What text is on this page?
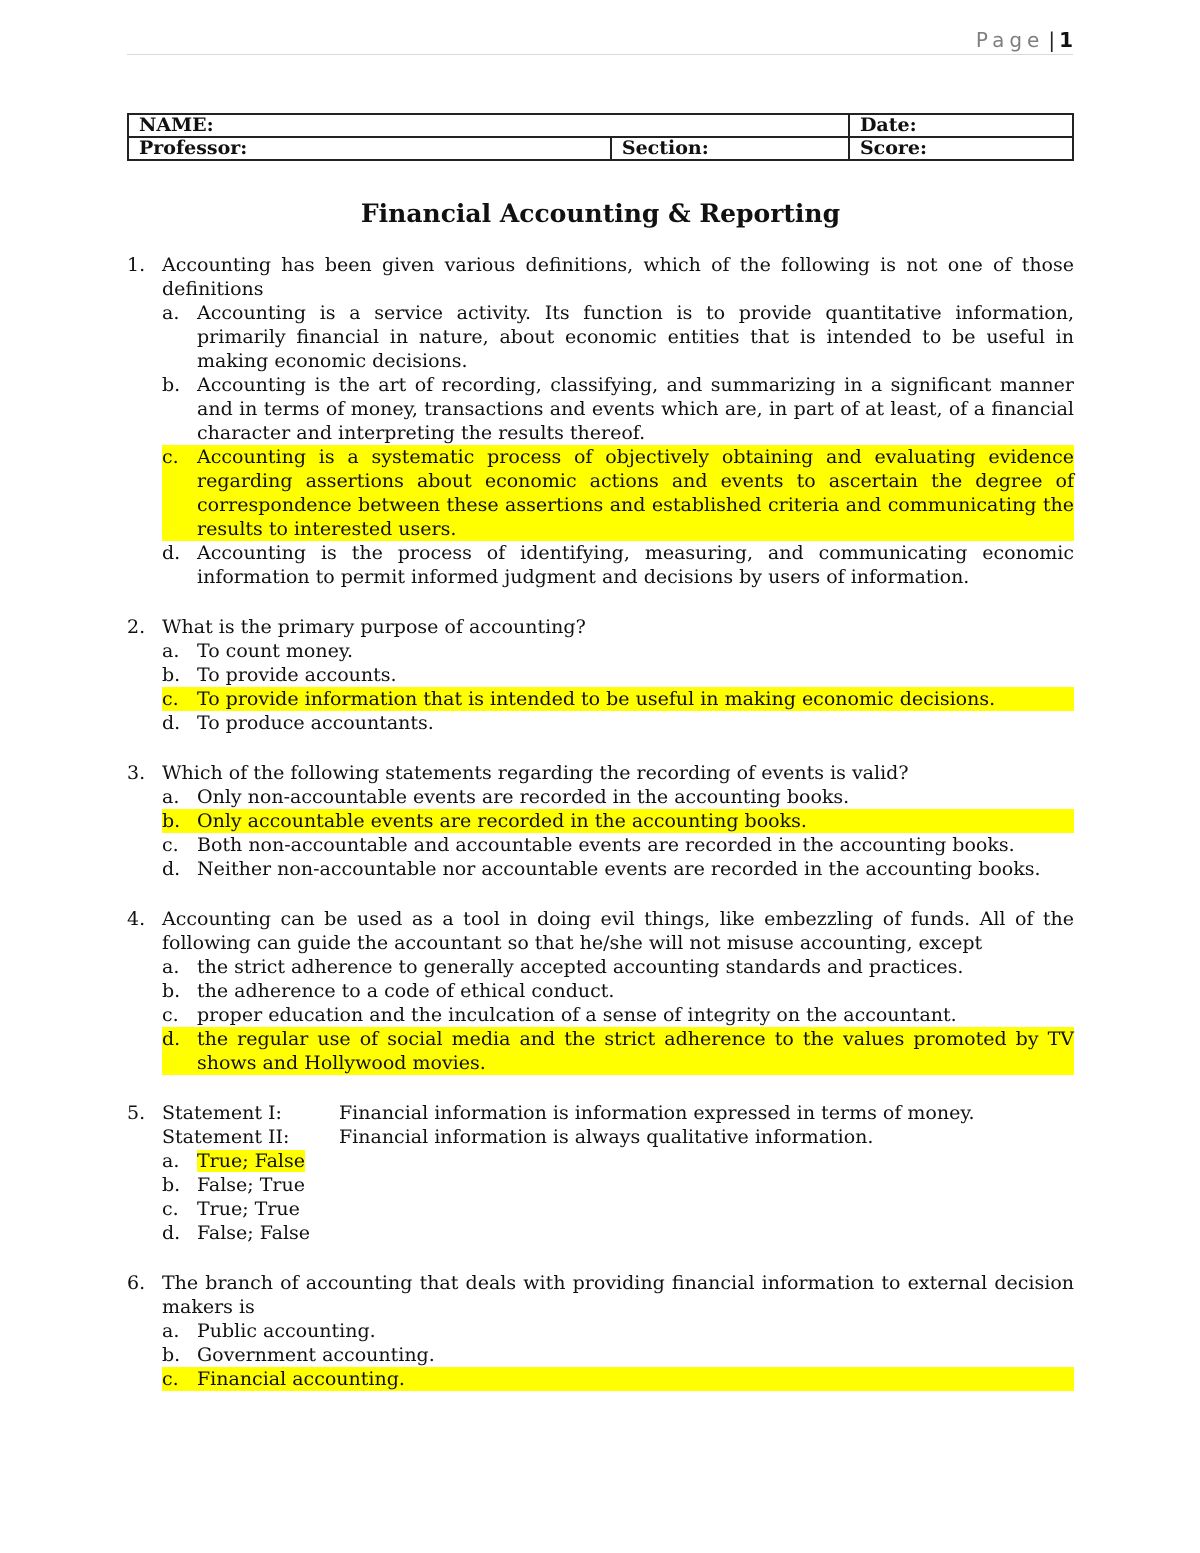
Page | 1
NAME:		Date:
Professor:	Section:	Score:
Financial Accounting & Reporting
1. Accounting has been given various definitions, which of the following is not one of those definitions
a. Accounting is a service activity. Its function is to provide quantitative information, primarily financial in nature, about economic entities that is intended to be useful in making economic decisions.
b. Accounting is the art of recording, classifying, and summarizing in a significant manner and in terms of money, transactions and events which are, in part of at least, of a financial character and interpreting the results thereof.
c. Accounting is a systematic process of objectively obtaining and evaluating evidence regarding assertions about economic actions and events to ascertain the degree of correspondence between these assertions and established criteria and communicating the results to interested users.
d. Accounting is the process of identifying, measuring, and communicating economic information to permit informed judgment and decisions by users of information.
2. What is the primary purpose of accounting?
a. To count money.
b. To provide accounts.
c. To provide information that is intended to be useful in making economic decisions.
d. To produce accountants.
3. Which of the following statements regarding the recording of events is valid?
a. Only non-accountable events are recorded in the accounting books.
b. Only accountable events are recorded in the accounting books.
c. Both non-accountable and accountable events are recorded in the accounting books.
d. Neither non-accountable nor accountable events are recorded in the accounting books.
4. Accounting can be used as a tool in doing evil things, like embezzling of funds. All of the following can guide the accountant so that he/she will not misuse accounting, except
a. the strict adherence to generally accepted accounting standards and practices.
b. the adherence to a code of ethical conduct.
c. proper education and the inculcation of a sense of integrity on the accountant.
d. the regular use of social media and the strict adherence to the values promoted by TV shows and Hollywood movies.
5. Statement I:	Financial information is information expressed in terms of money.
Statement II:	Financial information is always qualitative information.
a. True; False
b. False; True
c. True; True
d. False; False
6. The branch of accounting that deals with providing financial information to external decision makers is
a. Public accounting.
b. Government accounting.
c. Financial accounting.
